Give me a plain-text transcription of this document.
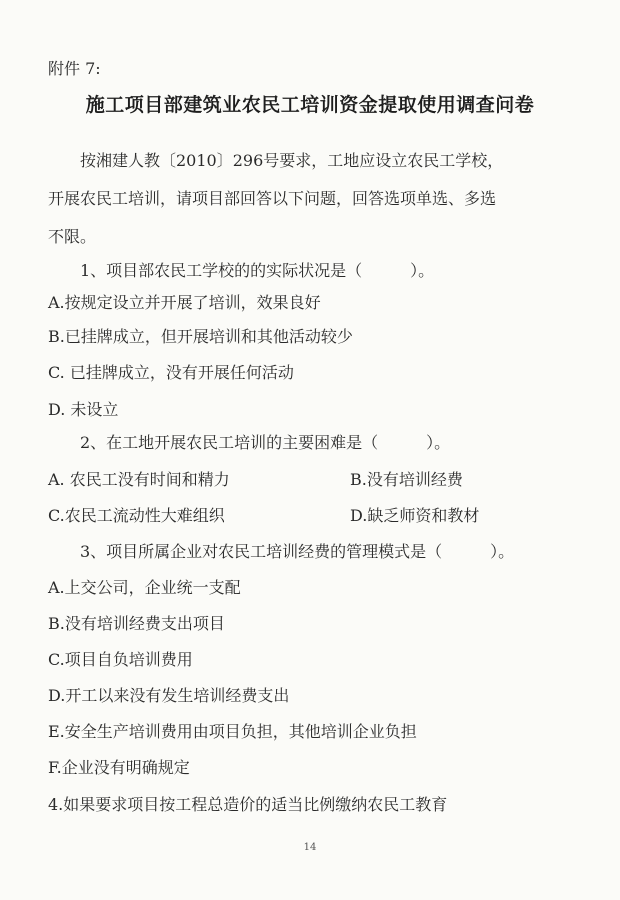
附件 7:
施工项目部建筑业农民工培训资金提取使用调查问卷
按湘建人教〔2010〕296号要求，工地应设立农民工学校，
开展农民工培训，请项目部回答以下问题，回答选项单选、多选
不限。
1、项目部农民工学校的的实际状况是（　　　）。
A.按规定设立并开展了培训，效果良好
B.已挂牌成立，但开展培训和其他活动较少
C. 已挂牌成立，没有开展任何活动
D. 未设立
2、在工地开展农民工培训的主要困难是（　　　）。
A. 农民工没有时间和精力	B.没有培训经费
C.农民工流动性大难组织	D.缺乏师资和教材
3、项目所属企业对农民工培训经费的管理模式是（　　　）。
A.上交公司，企业统一支配
B.没有培训经费支出项目
C.项目自负培训费用
D.开工以来没有发生培训经费支出
E.安全生产培训费用由项目负担，其他培训企业负担
F.企业没有明确规定
4.如果要求项目按工程总造价的适当比例缴纳农民工教育
14
